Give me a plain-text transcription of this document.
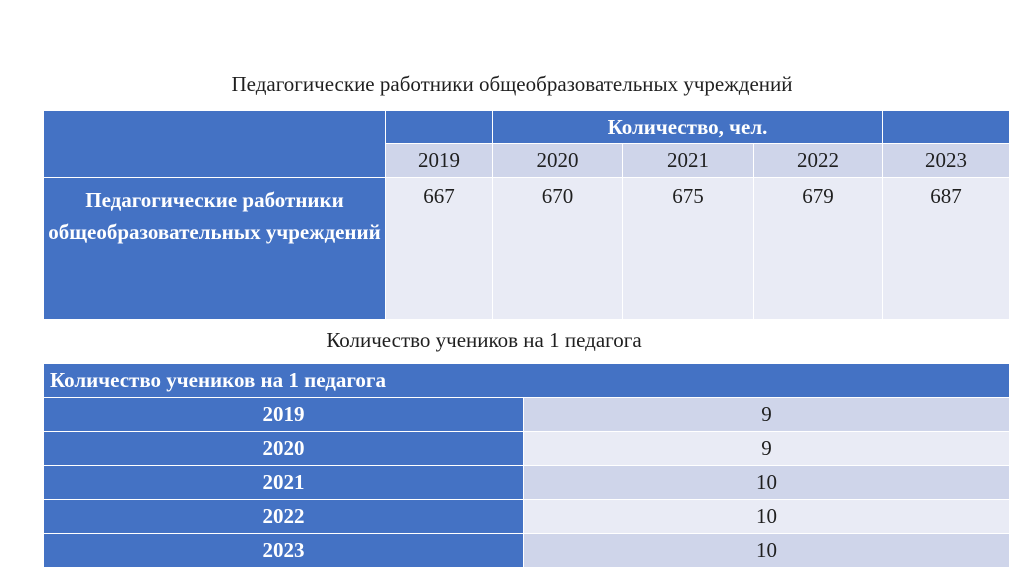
Педагогические работники общеобразовательных учреждений
		Количество, чел.			
	2019	2020	2021	2022	2023
Педагогические работники общеобразовательных учреждений	667	670	675	679	687
Количество учеников на 1 педагога
Количество учеников на 1 педагога	
2019	9
2020	9
2021	10
2022	10
2023	10
